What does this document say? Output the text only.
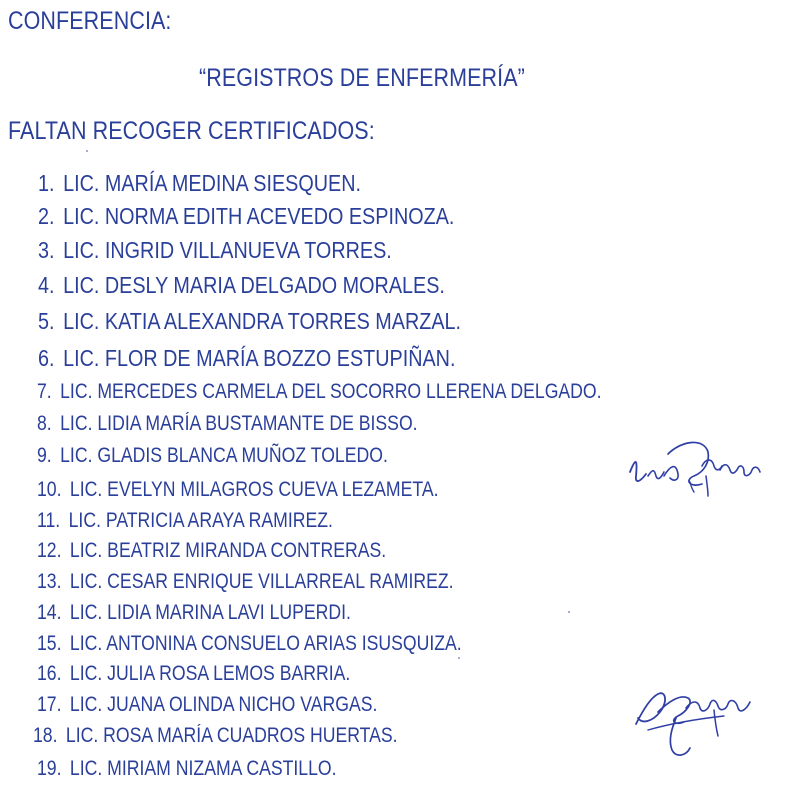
CONFERENCIA:
“REGISTROS DE ENFERMERÍA”
FALTAN RECOGER CERTIFICADOS:
1. LIC. MARÍA MEDINA SIESQUEN.
2. LIC. NORMA EDITH ACEVEDO ESPINOZA.
3. LIC. INGRID VILLANUEVA TORRES.
4. LIC. DESLY MARIA DELGADO MORALES.
5. LIC. KATIA ALEXANDRA TORRES MARZAL.
6. LIC. FLOR DE MARÍA BOZZO ESTUPIÑAN.
7. LIC. MERCEDES CARMELA DEL SOCORRO LLERENA DELGADO.
8. LIC. LIDIA MARÍA BUSTAMANTE DE BISSO.
9. LIC. GLADIS BLANCA MUÑOZ TOLEDO.
10. LIC. EVELYN MILAGROS CUEVA LEZAMETA.
11. LIC. PATRICIA ARAYA RAMIREZ.
12. LIC. BEATRIZ MIRANDA CONTRERAS.
13. LIC. CESAR ENRIQUE VILLARREAL RAMIREZ.
14. LIC. LIDIA MARINA LAVI LUPERDI.
15. LIC. ANTONINA CONSUELO ARIAS ISUSQUIZA.
16. LIC. JULIA ROSA LEMOS BARRIA.
17. LIC. JUANA OLINDA NICHO VARGAS.
18. LIC. ROSA MARÍA CUADROS HUERTAS.
19. LIC. MIRIAM NIZAMA CASTILLO.
